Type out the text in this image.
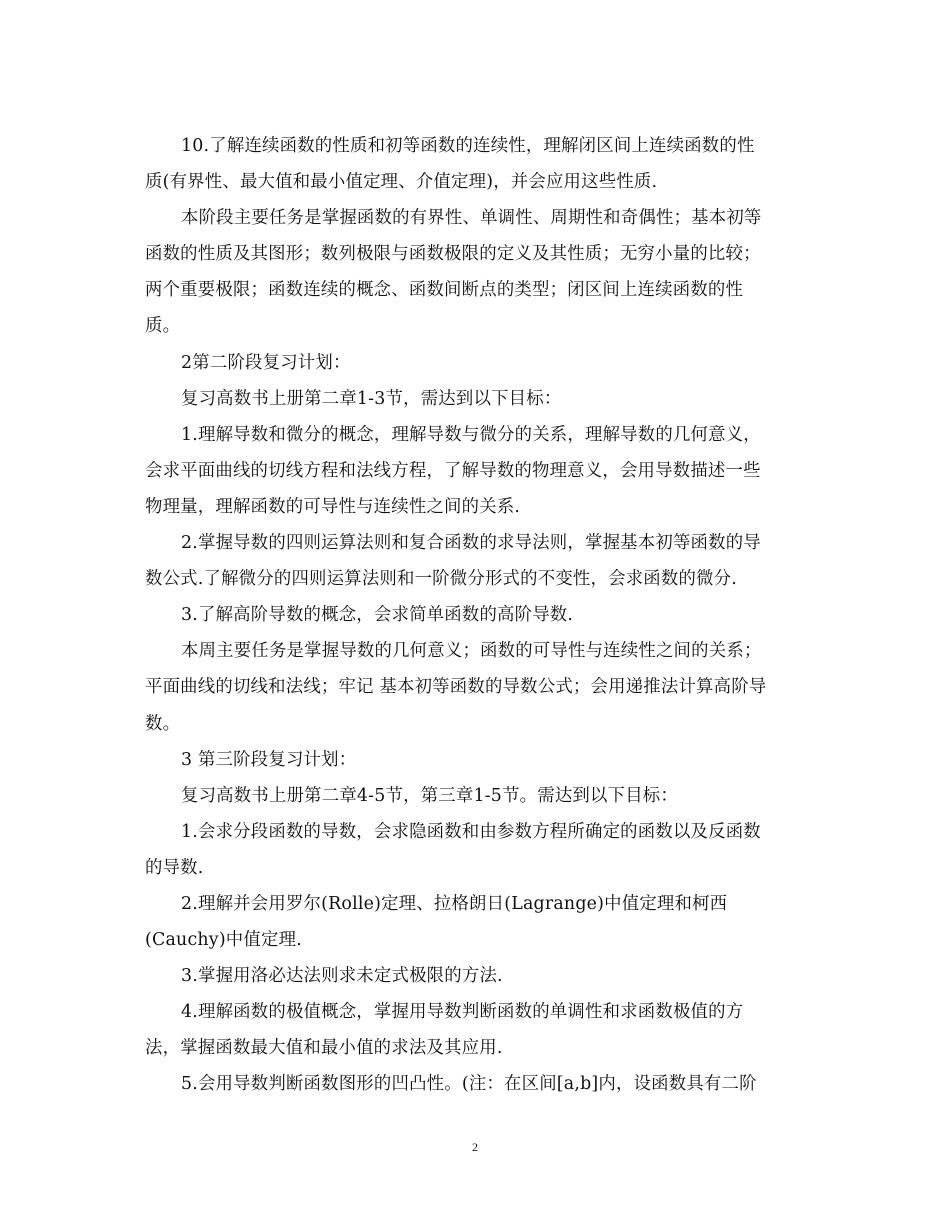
10.了解连续函数的性质和初等函数的连续性，理解闭区间上连续函数的性
质(有界性、最大值和最小值定理、介值定理)，并会应用这些性质.
本阶段主要任务是掌握函数的有界性、单调性、周期性和奇偶性；基本初等
函数的性质及其图形；数列极限与函数极限的定义及其性质；无穷小量的比较；
两个重要极限；函数连续的概念、函数间断点的类型；闭区间上连续函数的性
质。
2第二阶段复习计划：
复习高数书上册第二章1-3节，需达到以下目标：
1.理解导数和微分的概念，理解导数与微分的关系，理解导数的几何意义，
会求平面曲线的切线方程和法线方程，了解导数的物理意义，会用导数描述一些
物理量，理解函数的可导性与连续性之间的关系.
2.掌握导数的四则运算法则和复合函数的求导法则，掌握基本初等函数的导
数公式.了解微分的四则运算法则和一阶微分形式的不变性，会求函数的微分.
3.了解高阶导数的概念，会求简单函数的高阶导数.
本周主要任务是掌握导数的几何意义；函数的可导性与连续性之间的关系；
平面曲线的切线和法线；牢记 基本初等函数的导数公式；会用递推法计算高阶导
数。
3 第三阶段复习计划：
复习高数书上册第二章4-5节，第三章1-5节。需达到以下目标：
1.会求分段函数的导数，会求隐函数和由参数方程所确定的函数以及反函数
的导数.
2.理解并会用罗尔(Rolle)定理、拉格朗日(Lagrange)中值定理和柯西
(Cauchy)中值定理.
3.掌握用洛必达法则求未定式极限的方法.
4.理解函数的极值概念，掌握用导数判断函数的单调性和求函数极值的方
法，掌握函数最大值和最小值的求法及其应用.
5.会用导数判断函数图形的凹凸性。(注：在区间[a,b]内，设函数具有二阶
2
